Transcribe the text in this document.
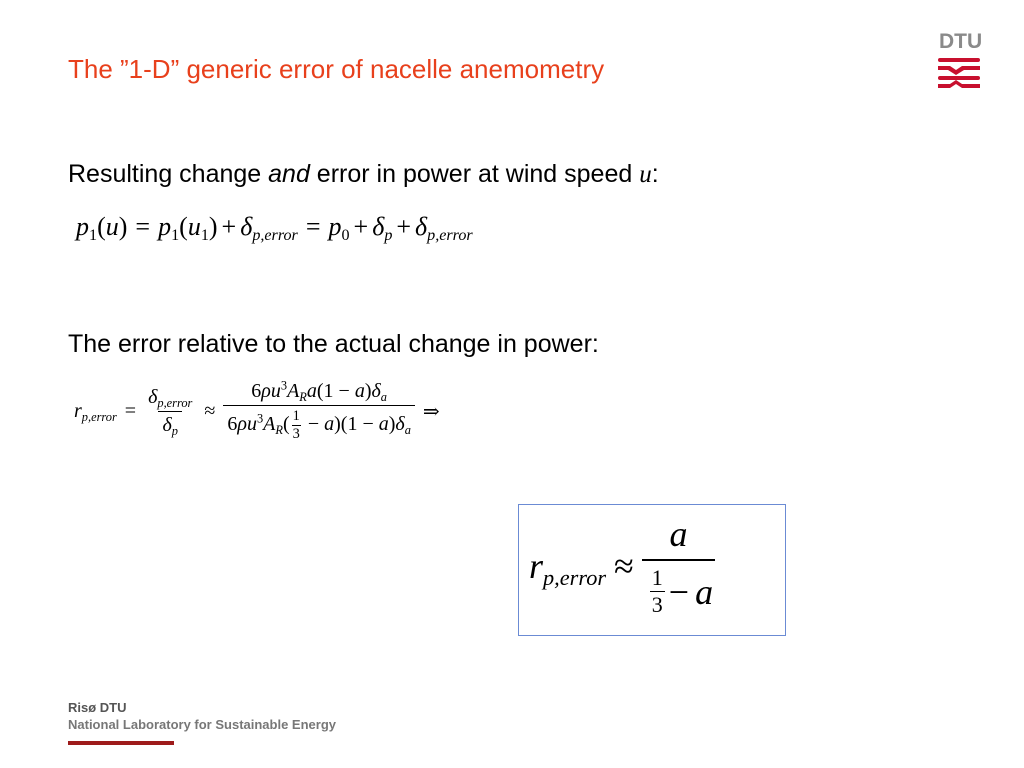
The ”1-D” generic error of nacelle anemometry
DTU
Resulting change and error in power at wind speed u:
$p_1(u) = p_1(u_1) + \delta_{p,error} = p_0 + \delta_p + \delta_{p,error}$
The error relative to the actual change in power:
$r_{p,error} = \frac{\delta_{p,error}}{\delta_p} \approx \frac{6\rho u^3A_Ra(1 - a)\delta_a}{6\rho u^3A_R( \frac{1}{3} - a)(1 - a)\delta_a}$ ⇒
$r_{p,error} \approx \frac{a}{\frac{1}{3} - a}$
Risø DTU
National Laboratory for Sustainable Energy
